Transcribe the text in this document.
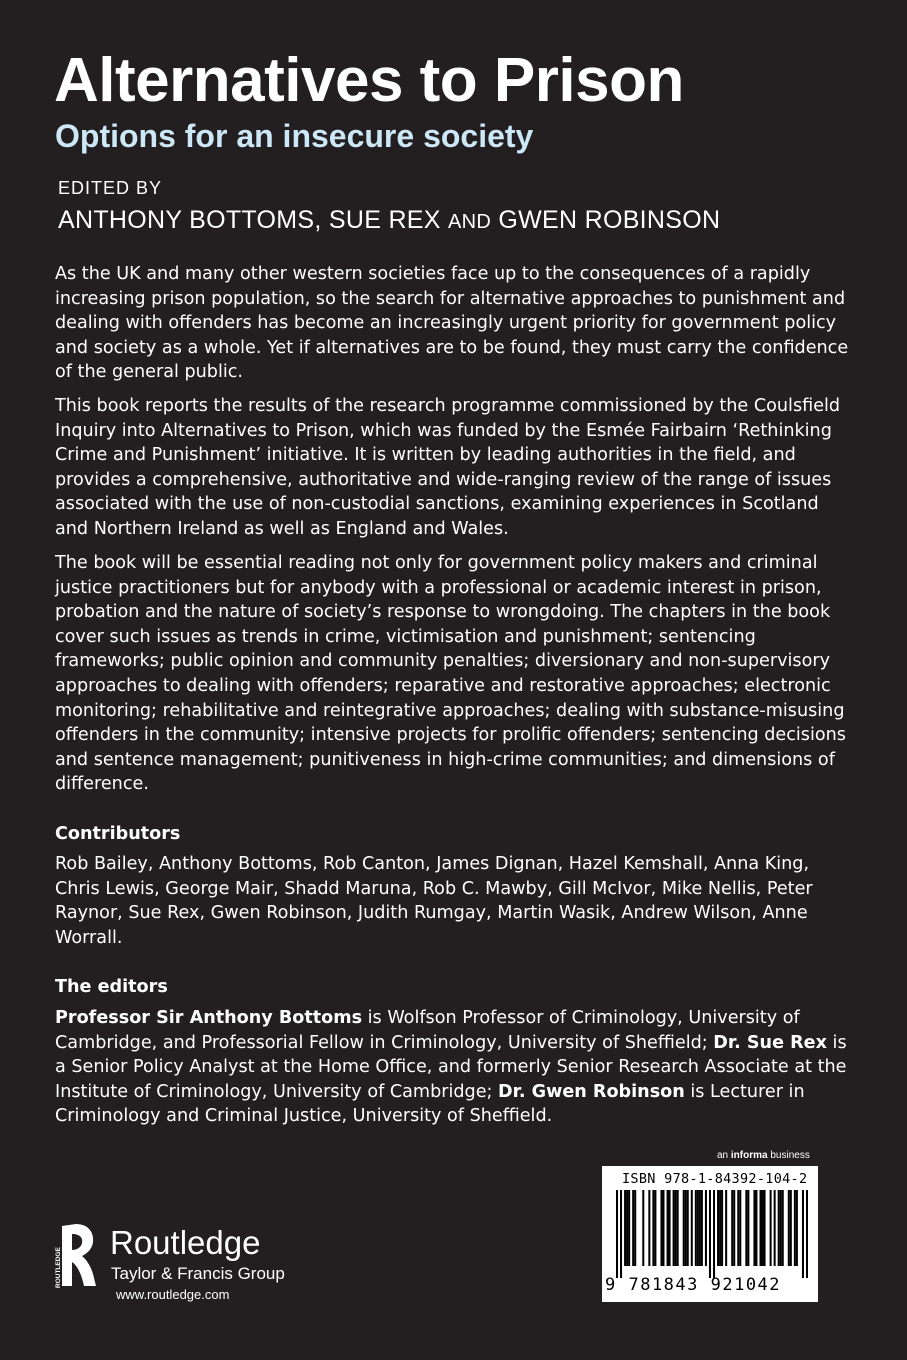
Alternatives to Prison
Options for an insecure society
EDITED BY
ANTHONY BOTTOMS, SUE REX AND GWEN ROBINSON

As the UK and many other western societies face up to the consequences of a rapidly increasing prison population, so the search for alternative approaches to punishment and dealing with offenders has become an increasingly urgent priority for government policy and society as a whole. Yet if alternatives are to be found, they must carry the confidence of the general public.

This book reports the results of the research programme commissioned by the Coulsfield Inquiry into Alternatives to Prison, which was funded by the Esmée Fairbairn ‘Rethinking Crime and Punishment’ initiative. It is written by leading authorities in the field, and provides a comprehensive, authoritative and wide-ranging review of the range of issues associated with the use of non-custodial sanctions, examining experiences in Scotland and Northern Ireland as well as England and Wales.

The book will be essential reading not only for government policy makers and criminal justice practitioners but for anybody with a professional or academic interest in prison, probation and the nature of society’s response to wrongdoing. The chapters in the book cover such issues as trends in crime, victimisation and punishment; sentencing frameworks; public opinion and community penalties; diversionary and non-supervisory approaches to dealing with offenders; reparative and restorative approaches; electronic monitoring; rehabilitative and reintegrative approaches; dealing with substance-misusing offenders in the community; intensive projects for prolific offenders; sentencing decisions and sentence management; punitiveness in high-crime communities; and dimensions of difference.

Contributors

Rob Bailey, Anthony Bottoms, Rob Canton, James Dignan, Hazel Kemshall, Anna King, Chris Lewis, George Mair, Shadd Maruna, Rob C. Mawby, Gill McIvor, Mike Nellis, Peter Raynor, Sue Rex, Gwen Robinson, Judith Rumgay, Martin Wasik, Andrew Wilson, Anne Worrall.

The editors

Professor Sir Anthony Bottoms is Wolfson Professor of Criminology, University of Cambridge, and Professorial Fellow in Criminology, University of Sheffield; Dr. Sue Rex is a Senior Policy Analyst at the Home Office, and formerly Senior Research Associate at the Institute of Criminology, University of Cambridge; Dr. Gwen Robinson is Lecturer in Criminology and Criminal Justice, University of Sheffield.

an informa business
ISBN 978-1-84392-104-2
9 781843 921042
ROUTLEDGE
Routledge
Taylor & Francis Group
www.routledge.com
